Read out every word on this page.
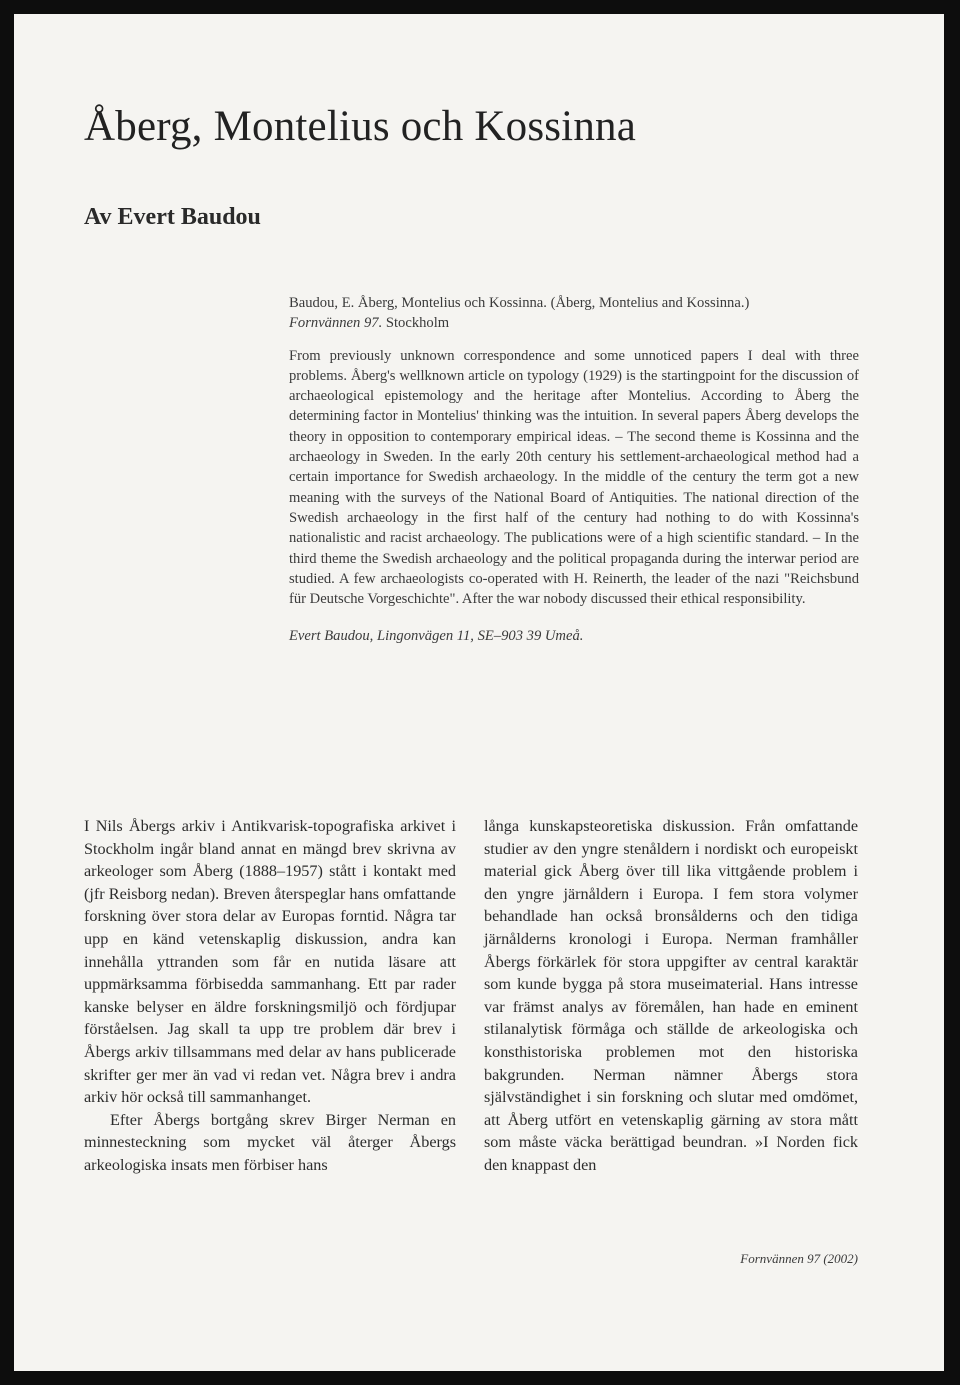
Åberg, Montelius och Kossinna
Av Evert Baudou

Baudou, E. Åberg, Montelius och Kossinna. (Åberg, Montelius and Kossinna.)
Fornvännen 97. Stockholm

From previously unknown correspondence and some unnoticed papers I deal with three problems. Åberg's wellknown article on typology (1929) is the startingpoint for the discussion of archaeological epistemology and the heritage after Montelius. According to Åberg the determining factor in Montelius' thinking was the intuition. In several papers Åberg develops the theory in opposition to contemporary empirical ideas. – The second theme is Kossinna and the archaeology in Sweden. In the early 20th century his settlement-archaeological method had a certain importance for Swedish archaeology. In the middle of the century the term got a new meaning with the surveys of the National Board of Antiquities. The national direction of the Swedish archaeology in the first half of the century had nothing to do with Kossinna's nationalistic and racist archaeology. The publications were of a high scientific standard. – In the third theme the Swedish archaeology and the political propaganda during the interwar period are studied. A few archaeologists co-operated with H. Reinerth, the leader of the nazi "Reichsbund für Deutsche Vorgeschichte". After the war nobody discussed their ethical responsibility.

Evert Baudou, Lingonvägen 11, SE–903 39 Umeå.

I Nils Åbergs arkiv i Antikvarisk-topografiska arkivet i Stockholm ingår bland annat en mängd brev skrivna av arkeologer som Åberg (1888–1957) stått i kontakt med (jfr Reisborg nedan). Breven återspeglar hans omfattande forskning över stora delar av Europas forntid. Några tar upp en känd vetenskaplig diskussion, andra kan innehålla yttranden som får en nutida läsare att uppmärksamma förbisedda sammanhang. Ett par rader kanske belyser en äldre forskningsmiljö och fördjupar förståelsen. Jag skall ta upp tre problem där brev i Åbergs arkiv tillsammans med delar av hans publicerade skrifter ger mer än vad vi redan vet. Några brev i andra arkiv hör också till sammanhanget.

Efter Åbergs bortgång skrev Birger Nerman en minnesteckning som mycket väl återger Åbergs arkeologiska insats men förbiser hans

långa kunskapsteoretiska diskussion. Från omfattande studier av den yngre stenåldern i nordiskt och europeiskt material gick Åberg över till lika vittgående problem i den yngre järnåldern i Europa. I fem stora volymer behandlade han också bronsålderns och den tidiga järnålderns kronologi i Europa. Nerman framhåller Åbergs förkärlek för stora uppgifter av central karaktär som kunde bygga på stora museimaterial. Hans intresse var främst analys av föremålen, han hade en eminent stilanalytisk förmåga och ställde de arkeologiska och konsthistoriska problemen mot den historiska bakgrunden. Nerman nämner Åbergs stora självständighet i sin forskning och slutar med omdömet, att Åberg utfört en vetenskaplig gärning av stora mått som måste väcka berättigad beundran. »I Norden fick den knappast den

Fornvännen 97 (2002)
